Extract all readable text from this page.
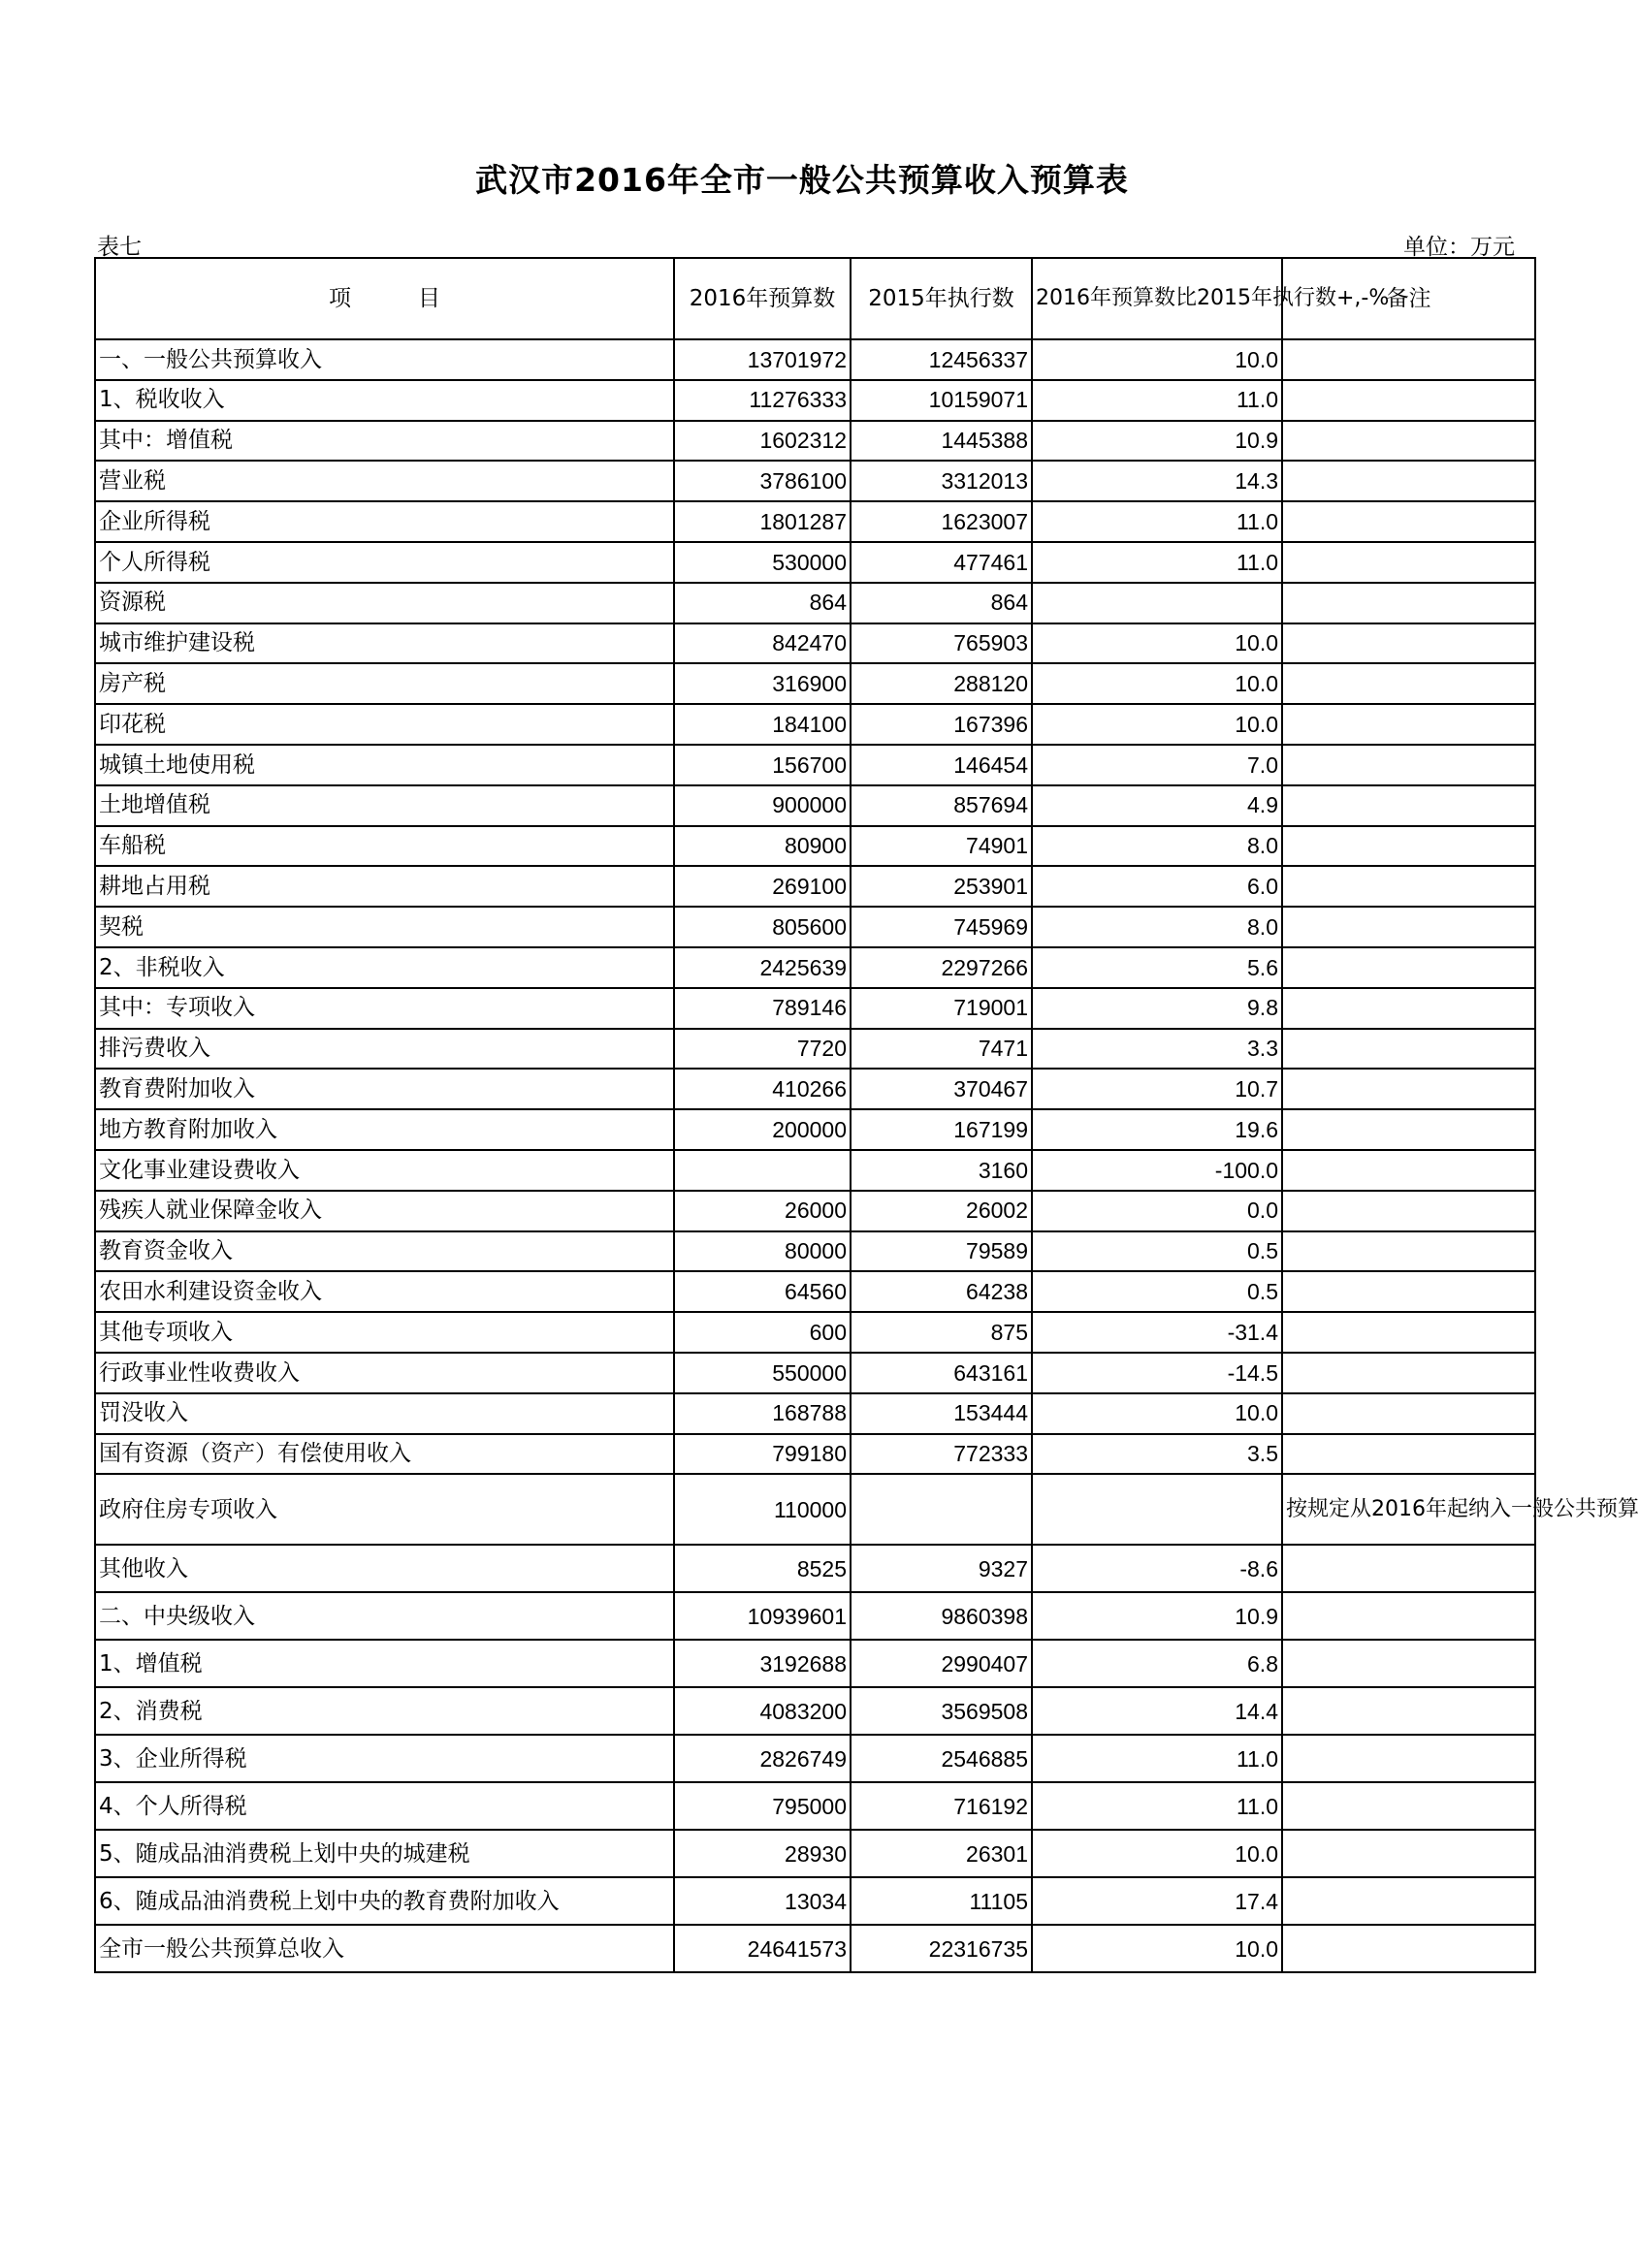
武汉市2016年全市一般公共预算收入预算表
表七	单位：万元
项　　　目	2016年预算数	2015年执行数	2016年预算数比2015年执行数+,-%	备注
一、一般公共预算收入	13701972	12456337	10.0	
1、税收收入	11276333	10159071	11.0	
其中：增值税	1602312	1445388	10.9	
营业税	3786100	3312013	14.3	
企业所得税	1801287	1623007	11.0	
个人所得税	530000	477461	11.0	
资源税	864	864		
城市维护建设税	842470	765903	10.0	
房产税	316900	288120	10.0	
印花税	184100	167396	10.0	
城镇土地使用税	156700	146454	7.0	
土地增值税	900000	857694	4.9	
车船税	80900	74901	8.0	
耕地占用税	269100	253901	6.0	
契税	805600	745969	8.0	
2、非税收入	2425639	2297266	5.6	
其中：专项收入	789146	719001	9.8	
排污费收入	7720	7471	3.3	
教育费附加收入	410266	370467	10.7	
地方教育附加收入	200000	167199	19.6	
文化事业建设费收入		3160	-100.0	
残疾人就业保障金收入	26000	26002	0.0	
教育资金收入	80000	79589	0.5	
农田水利建设资金收入	64560	64238	0.5	
其他专项收入	600	875	-31.4	
行政事业性收费收入	550000	643161	-14.5	
罚没收入	168788	153444	10.0	
国有资源（资产）有偿使用收入	799180	772333	3.5	
政府住房专项收入	110000			按规定从2016年起纳入一般公共预算
其他收入	8525	9327	-8.6	
二、中央级收入	10939601	9860398	10.9	
1、增值税	3192688	2990407	6.8	
2、消费税	4083200	3569508	14.4	
3、企业所得税	2826749	2546885	11.0	
4、个人所得税	795000	716192	11.0	
5、随成品油消费税上划中央的城建税	28930	26301	10.0	
6、随成品油消费税上划中央的教育费附加收入	13034	11105	17.4	
全市一般公共预算总收入	24641573	22316735	10.0	
